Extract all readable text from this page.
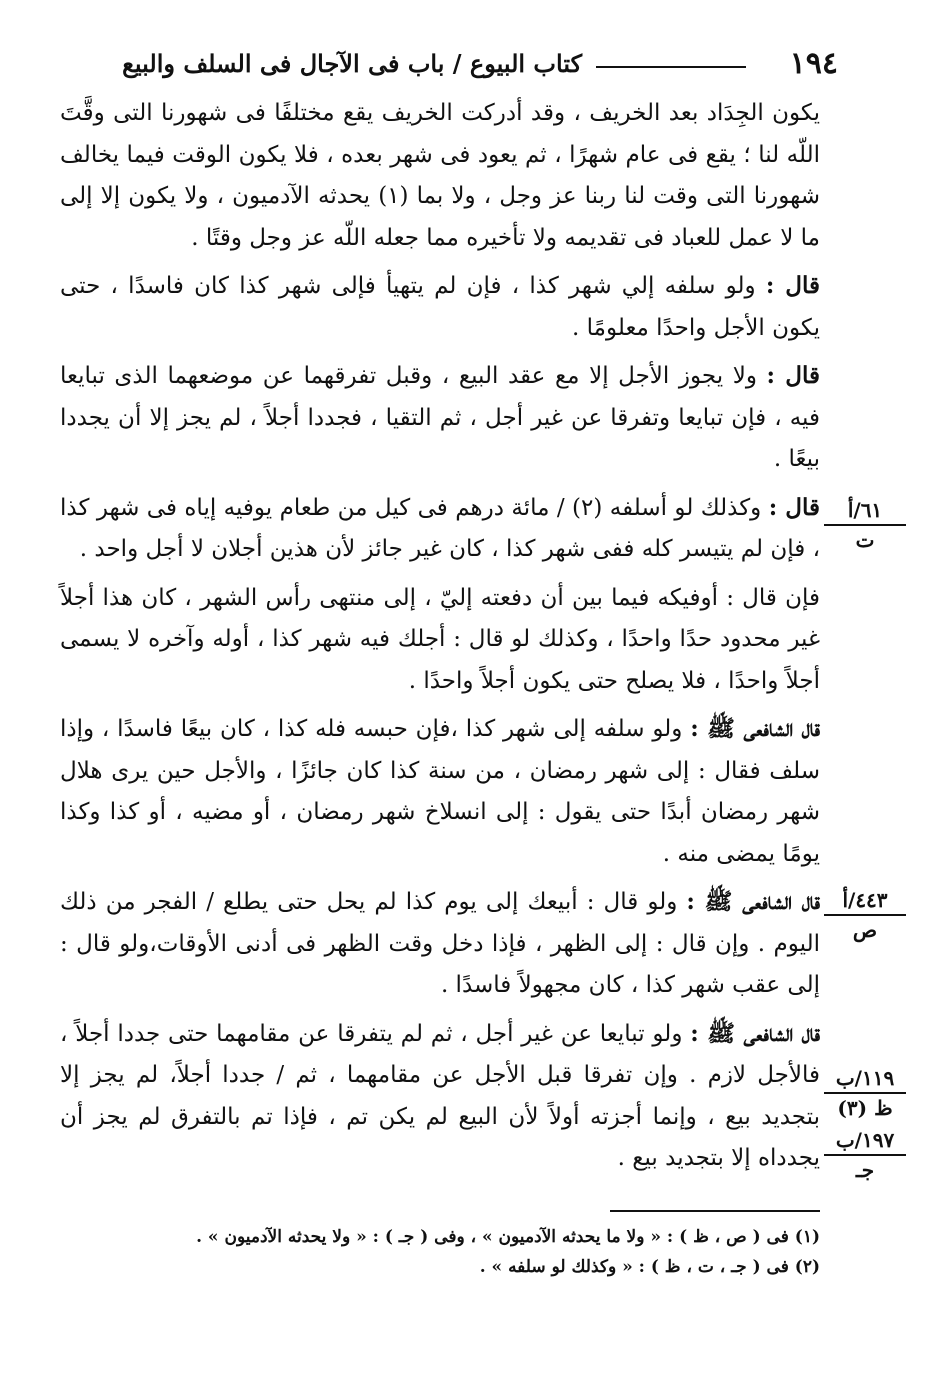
١٩٤
كتاب البيوع / باب فى الآجال فى السلف والبيع

يكون الجِدَاد بعد الخريف ، وقد أدركت الخريف يقع مختلفًا فى شهورنا التى وقَّتَ اللّه لنا ؛ يقع فى عام شهرًا ، ثم يعود فى شهر بعده ، فلا يكون الوقت فيما يخالف شهورنا التى وقت لنا ربنا عز وجل ، ولا بما (١) يحدثه الآدميون ، ولا يكون إلا إلى ما لا عمل للعباد فى تقديمه ولا تأخيره مما جعله اللّه عز وجل وقتًا .

قال : ولو سلفه إلي شهر كذا ، فإن لم يتهيأ فإلى شهر كذا كان فاسدًا ، حتى يكون الأجل واحدًا معلومًا .

قال : ولا يجوز الأجل إلا مع عقد البيع ، وقبل تفرقهما عن موضعهما الذى تبايعا فيه ، فإن تبايعا وتفرقا عن غير أجل ، ثم التقيا ، فجددا أجلاً ، لم يجز إلا أن يجددا بيعًا .

قال : وكذلك لو أسلفه (٢) / مائة درهم فى كيل من طعام يوفيه إياه فى شهر كذا ، فإن لم يتيسر كله ففى شهر كذا ، كان غير جائز لأن هذين أجلان لا أجل واحد .

فإن قال : أوفيكه فيما بين أن دفعته إليّ ، إلى منتهى رأس الشهر ، كان هذا أجلاً غير محدود حدًا واحدًا ، وكذلك لو قال : أجلك فيه شهر كذا ، أوله وآخره لا يسمى أجلاً واحدًا ، فلا يصلح حتى يكون أجلاً واحدًا .

قال الشافعى ﷺ : ولو سلفه إلى شهر كذا ،فإن حبسه فله كذا ، كان بيعًا فاسدًا ، وإذا سلف فقال : إلى شهر رمضان ، من سنة كذا كان جائزًا ، والأجل حين يرى هلال شهر رمضان أبدًا حتى يقول : إلى انسلاخ شهر رمضان ، أو مضيه ، أو كذا وكذا يومًا يمضى منه .

قال الشافعى ﷺ : ولو قال : أبيعك إلى يوم كذا لم يحل حتى يطلع / الفجر من ذلك اليوم . وإن قال : إلى الظهر ، فإذا دخل وقت الظهر فى أدنى الأوقات،ولو قال : إلى عقب شهر كذا ، كان مجهولاً فاسدًا .

قال الشافعى ﷺ : ولو تبايعا عن غير أجل ، ثم لم يتفرقا عن مقامهما حتى جددا أجلاً ، فالأجل لازم . وإن تفرقا قبل الأجل عن مقامهما ، ثم / جددا أجلاً، لم يجز إلا بتجديد بيع ، وإنما أجزته أولاً لأن البيع لم يكن تم ، فإذا تم بالتفرق لم يجز أن يجدداه إلا بتجديد بيع .

٦١/أ
ت
٤٤٣/أ
ص
١١٩/ب
ظ (٣)
١٩٧/ب
جـ

(١) فى ( ص ، ظ ) : « ولا ما يحدثه الآدميون » ، وفى ( جـ ) : « ولا يحدثه الآدميون » .

(٢) فى ( جـ ، ت ، ظ ) : « وكذلك لو سلفه » .
